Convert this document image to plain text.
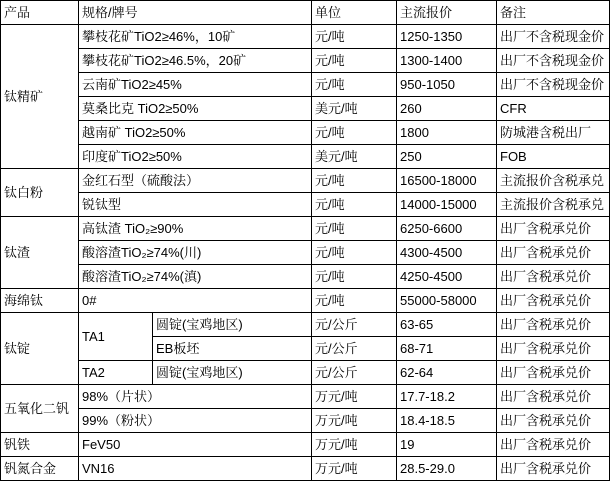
产品	规格/牌号		单位	主流报价	备注
钛精矿	攀枝花矿TiO2≥46%，10矿		元/吨	1250-1350	出厂不含税现金价
	攀枝花矿TiO2≥46.5%，20矿		元/吨	1300-1400	出厂不含税现金价
	云南矿TiO2≥45%		元/吨	950-1050	出厂不含税现金价
	莫桑比克 TiO2≥50%		美元/吨	260	CFR
	越南矿 TiO2≥50%		元/吨	1800	防城港含税出厂
	印度矿TiO2≥50%		美元/吨	250	FOB
钛白粉	金红石型（硫酸法）		元/吨	16500-18000	主流报价含税承兑
	锐钛型		元/吨	14000-15000	主流报价含税承兑
钛渣	高钛渣 TiO₂≥90%		元/吨	6250-6600	出厂含税承兑价
	酸溶渣TiO₂≥74%(川)		元/吨	4300-4500	出厂含税承兑价
	酸溶渣TiO₂≥74%(滇)		元/吨	4250-4500	出厂含税承兑价
海绵钛	0#		元/吨	55000-58000	出厂含税承兑价
钛锭	TA1	圆锭(宝鸡地区)	元/公斤	63-65	出厂含税承兑价
		EB板坯	元/公斤	68-71	出厂含税承兑价
	TA2	圆锭(宝鸡地区)	元/公斤	62-64	出厂含税承兑价
五氧化二钒	98%（片状）		万元/吨	17.7-18.2	出厂含税承兑价
	99%（粉状）		万元/吨	18.4-18.5	出厂含税承兑价
钒铁	FeV50		万元/吨	19	出厂含税承兑价
钒氮合金	VN16		万元/吨	28.5-29.0	出厂含税承兑价
